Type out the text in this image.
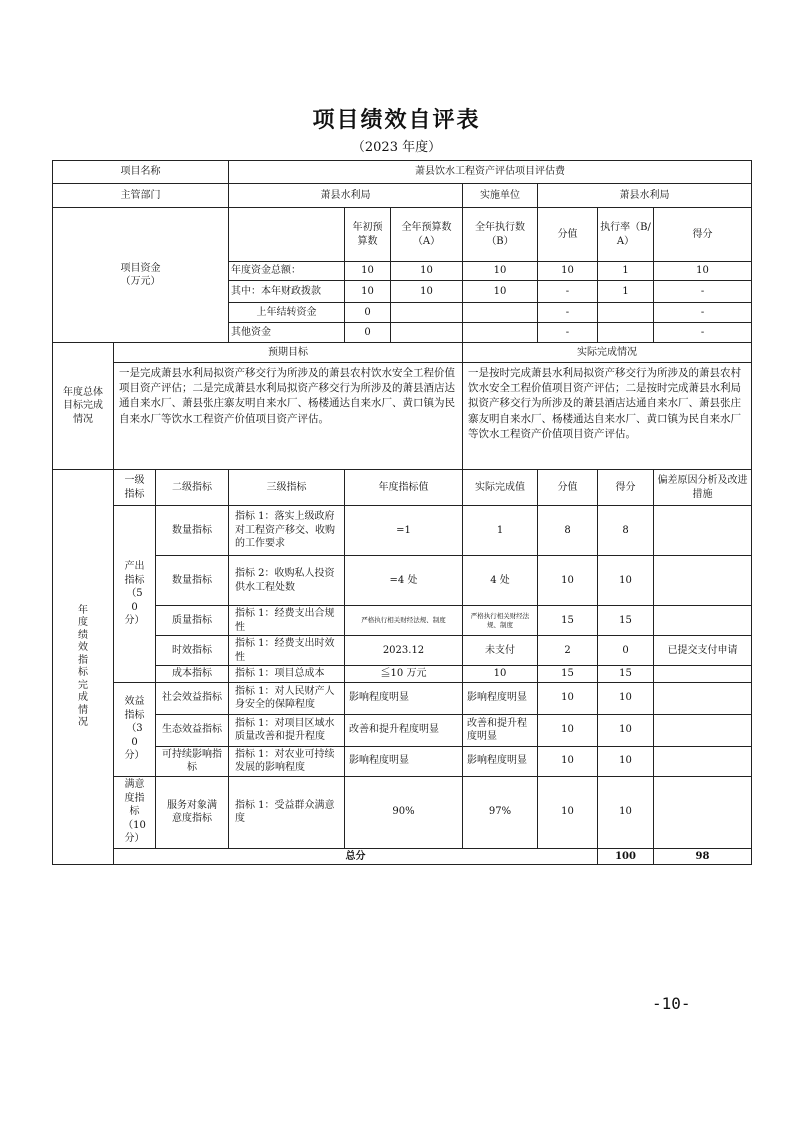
项目绩效自评表
（2023 年度）
项目名称			萧县饮水工程资产评估项目评估费							
主管部门			萧县水利局			实施单位	萧县水利局			
项目资金
（万元）				年初预算数	全年预算数（A）	全年执行数（B）	分值	执行率（B/A）	得分	
			年度资金总额：	10	10	10	10	1	10	
			其中：本年财政拨款	10	10	10	-	1	-	
			上年结转资金	0			-		-	
			其他资金	0			-		-	
年度总体目标完成情况	预期目标					实际完成情况				
	一是完成萧县水利局拟资产移交行为所涉及的萧县农村饮水安全工程价值项目资产评估；二是完成萧县水利局拟资产移交行为所涉及的萧县酒店达通自来水厂、萧县张庄寨友明自来水厂、杨楼通达自来水厂、黄口镇为民自来水厂等饮水工程资产价值项目资产评估。					一是按时完成萧县水利局拟资产移交行为所涉及的萧县农村饮水安全工程价值项目资产评估；二是按时完成萧县水利局拟资产移交行为所涉及的萧县酒店达通自来水厂、萧县张庄寨友明自来水厂、杨楼通达自来水厂、黄口镇为民自来水厂等饮水工程资产价值项目资产评估。				
年度绩效指标完成情况	一级指标	二级指标	三级指标	年度指标值		实际完成值	分值	得分	偏差原因分析及改进措施	
	产出指标（50分）	数量指标	指标 1：落实上级政府对工程资产移交、收购的工作要求	=1		1	8	8		
		数量指标	指标 2：收购私人投资供水工程处数	=4 处		4 处	10	10		
		质量指标	指标 1：经费支出合规性	严格执行相关财经法规、制度		严格执行相关财经法规、制度	15	15		
		时效指标	指标 1：经费支出时效性	2023.12		未支付	2	0	已提交支付申请	
		成本指标	指标 1：项目总成本	≦10 万元		10	15	15		
	效益指标（30分）	社会效益指标	指标 1：对人民财产人身安全的保障程度	影响程度明显		影响程度明显	10	10		
		生态效益指标	指标 1：对项目区域水质量改善和提升程度	改善和提升程度明显		改善和提升程度明显	10	10		
		可持续影响指标	指标 1：对农业可持续发展的影响程度	影响程度明显		影响程度明显	10	10		
	满意度指标（10分）	服务对象满意度指标	指标 1：受益群众满意度	90%		97%	10	10		
	总分							100	98	
-10-
